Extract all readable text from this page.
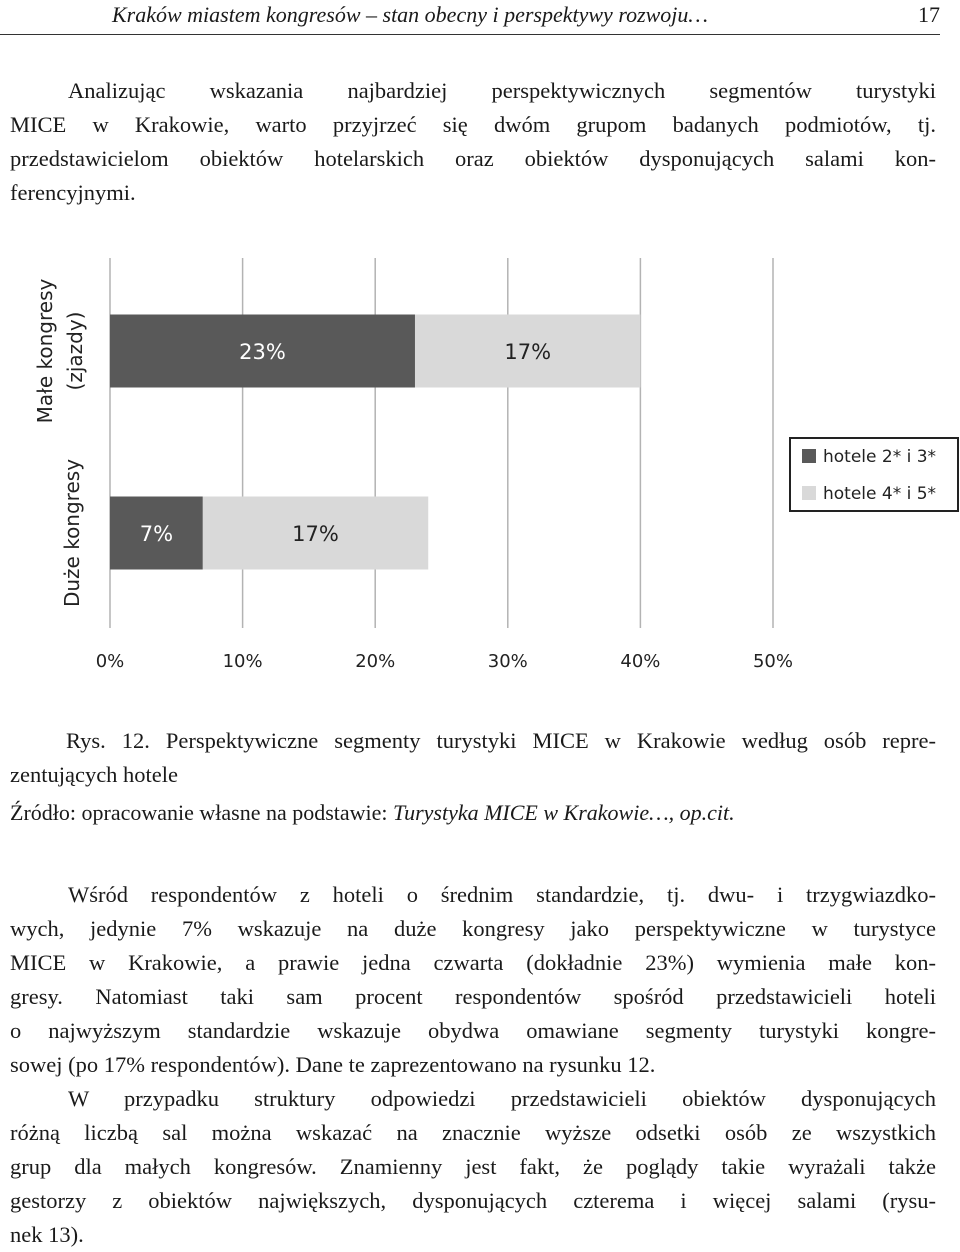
Kraków miastem kongresów – stan obecny i perspektywy rozwoju…	17
Analizując wskazania najbardziej perspektywicznych segmentów turystyki
MICE w Krakowie, warto przyjrzeć się dwóm grupom badanych podmiotów, tj.
przedstawicielom obiektów hotelarskich oraz obiektów dysponujących salami kon-
ferencyjnymi.
0%	10%	20%	30%	40%	50%
23%	17%
Małe kongresy (zjazdy)
7%	17%
Duże kongresy
hotele 2* i 3*
hotele 4* i 5*
Rys. 12. Perspektywiczne segmenty turystyki MICE w Krakowie według osób repre-
zentujących hotele
Źródło: opracowanie własne na podstawie: Turystyka MICE w Krakowie…, op.cit.
Wśród respondentów z hoteli o średnim standardzie, tj. dwu- i trzygwiazdko-
wych, jedynie 7% wskazuje na duże kongresy jako perspektywiczne w turystyce
MICE w Krakowie, a prawie jedna czwarta (dokładnie 23%) wymienia małe kon-
gresy. Natomiast taki sam procent respondentów spośród przedstawicieli hoteli
o najwyższym standardzie wskazuje obydwa omawiane segmenty turystyki kongre-
sowej (po 17% respondentów). Dane te zaprezentowano na rysunku 12.
W przypadku struktury odpowiedzi przedstawicieli obiektów dysponujących
różną liczbą sal można wskazać na znacznie wyższe odsetki osób ze wszystkich
grup dla małych kongresów. Znamienny jest fakt, że poglądy takie wyrażali także
gestorzy z obiektów największych, dysponujących czterema i więcej salami (rysu-
nek 13).
